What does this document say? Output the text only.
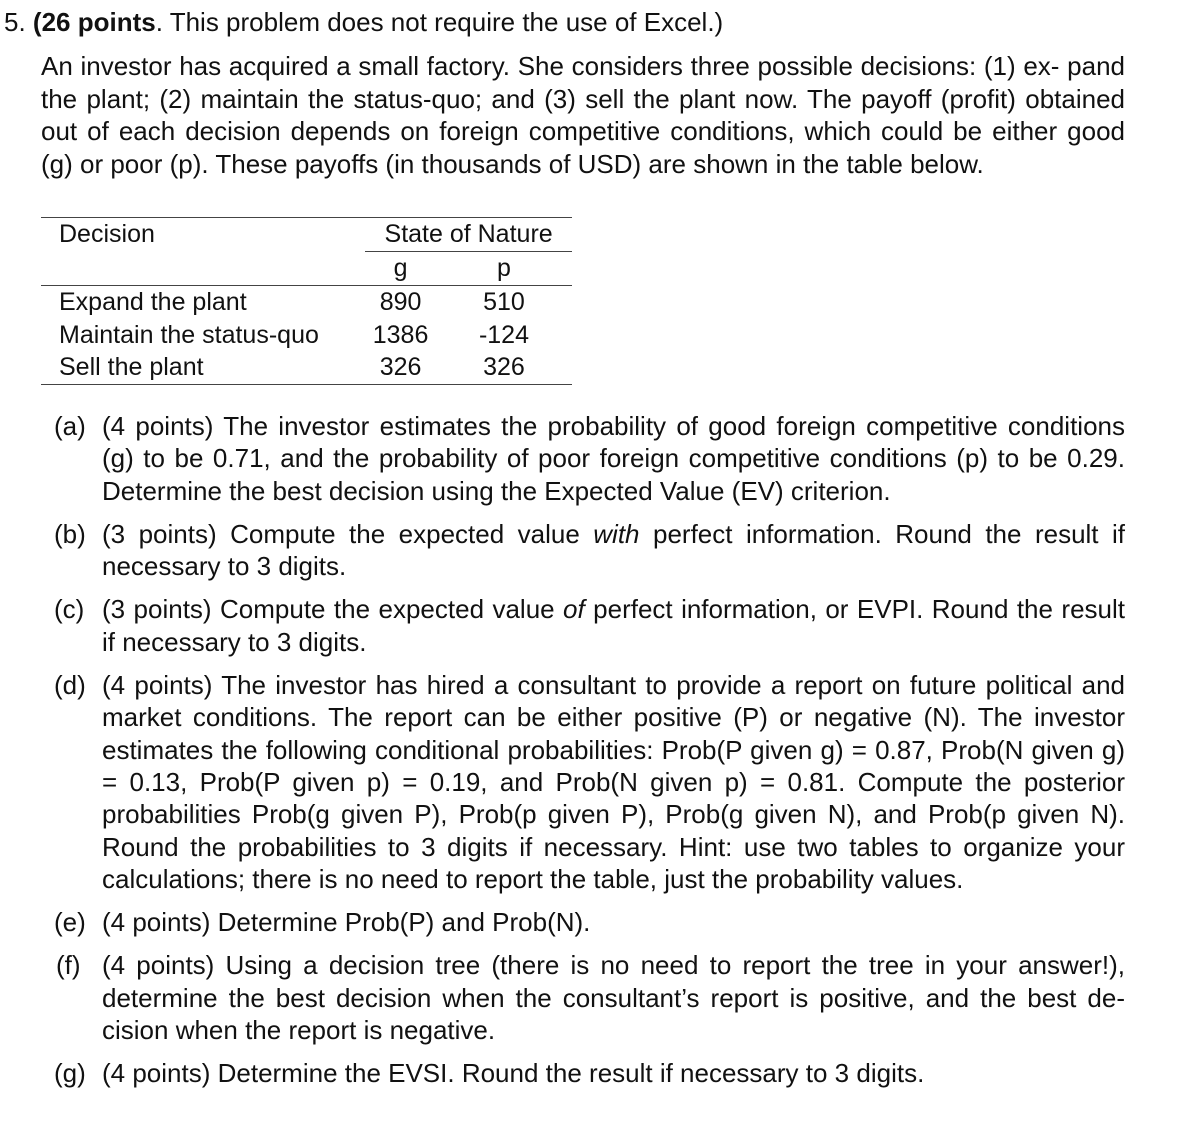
5. (26 points. This problem does not require the use of Excel.)
An investor has acquired a small factory. She considers three possible decisions: (1) ex- pand the plant; (2) maintain the status-quo; and (3) sell the plant now. The payoff (profit) obtained out of each decision depends on foreign competitive conditions, which could be either good (g) or poor (p). These payoffs (in thousands of USD) are shown in the table below.
Decision	State of Nature	
	g	p
Expand the plant	890	510
Maintain the status-quo	1386	-124
Sell the plant	326	326
(a) (4 points) The investor estimates the probability of good foreign competitive conditions (g) to be 0.71, and the probability of poor foreign competitive conditions (p) to be 0.29. Determine the best decision using the Expected Value (EV) criterion.
(b) (3 points) Compute the expected value with perfect information. Round the result if necessary to 3 digits.
(c) (3 points) Compute the expected value of perfect information, or EVPI. Round the result if necessary to 3 digits.
(d) (4 points) The investor has hired a consultant to provide a report on future political and market conditions. The report can be either positive (P) or negative (N). The investor estimates the following conditional probabilities: Prob(P given g) = 0.87, Prob(N given g) = 0.13, Prob(P given p) = 0.19, and Prob(N given p) = 0.81. Compute the posterior probabilities Prob(g given P), Prob(p given P), Prob(g given N), and Prob(p given N). Round the probabilities to 3 digits if necessary. Hint: use two tables to organize your calculations; there is no need to report the table, just the probability values.
(e) (4 points) Determine Prob(P) and Prob(N).
(f) (4 points) Using a decision tree (there is no need to report the tree in your answer!), determine the best decision when the consultant’s report is positive, and the best de- cision when the report is negative.
(g) (4 points) Determine the EVSI. Round the result if necessary to 3 digits.
